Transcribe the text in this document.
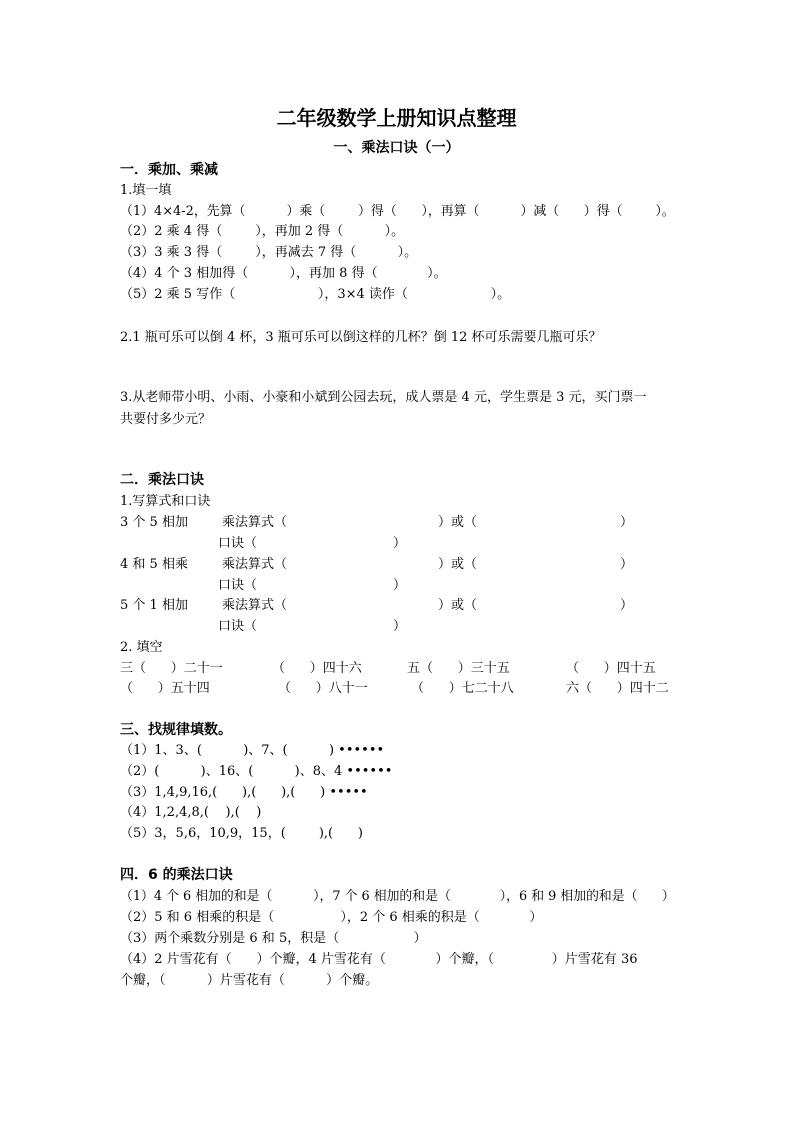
二年级数学上册知识点整理
一、乘法口诀（一）
一．乘加、乘减
1.填一填
（1）4×4-2，先算（          ）乘（        ）得（      ），再算（          ）减（      ）得（        ）。
（2）2 乘 4 得（        ），再加 2 得（          ）。
（3）3 乘 3 得（        ），再减去 7 得（          ）。
（4）4 个 3 相加得（          ），再加 8 得（            ）。
（5）2 乘 5 写作（                    ），3×4 读作（                    ）。
2.1 瓶可乐可以倒 4 杯，3 瓶可乐可以倒这样的几杯？倒 12 杯可乐需要几瓶可乐？
3.从老师带小明、小雨、小豪和小斌到公园去玩，成人票是 4 元，学生票是 3 元，买门票一
共要付多少元？
二．乘法口诀
1.写算式和口诀
3 个 5 相加	乘法算式（	）或（	）
口诀（	）
4 和 5 相乘	乘法算式（	）或（	）
口诀（	）
5 个 1 相加	乘法算式（	）或（	）
口诀（	）
2. 填空
三（      ）二十一	（      ）四十六	五（      ）三十五	（      ）四十五
（      ）五十四	（      ）八十一	（      ）七二十八	六（      ）四十二
三、找规律填数。
（1）1、3、(          )、7、(          ) ••••••
（2）(          )、16、(          )、8、4 ••••••
（3）1,4,9,16,(      ),(      ),(      ) •••••
（4）1,2,4,8,(    ),(    )
（5）3，5,6，10,9，15，(        ),(      )
四．6 的乘法口诀
（1）4 个 6 相加的和是（          ），7 个 6 相加的和是（            ），6 和 9 相加的和是（      ）
（2）5 和 6 相乘的积是（                ），2 个 6 相乘的积是（            ）
（3）两个乘数分别是 6 和 5，积是（                  ）
（4）2 片雪花有（      ）个瓣，4 片雪花有（            ）个瓣，（              ）片雪花有 36
个瓣，（          ）片雪花有（          ）个瓣。
